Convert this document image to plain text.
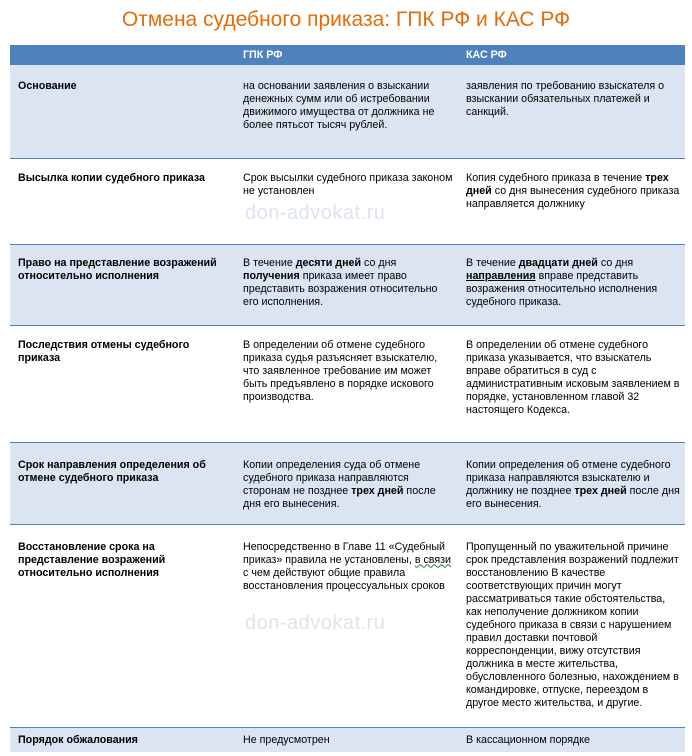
Отмена судебного приказа: ГПК РФ и КАС РФ
	ГПК РФ	КАС РФ
Основание	на основании заявления о взыскании денежных сумм или об истребовании движимого имущества от должника не более пятьсот тысяч рублей.	заявления по требованию взыскателя о взыскании обязательных платежей и санкций.
Высылка копии судебного приказа	Срок высылки судебного приказа законом не установлен	Копия судебного приказа в течение трех дней со дня вынесения судебного приказа направляется должнику
Право на представление возражений относительно исполнения	В течение десяти дней со дня получения приказа имеет право представить возражения относительно его исполнения.	В течение двадцати дней со дня направления вправе представить возражения относительно исполнения судебного приказа.
Последствия отмены судебного приказа	В определении об отмене судебного приказа судья разъясняет взыскателю, что заявленное требование им может быть предъявлено в порядке искового производства.	В определении об отмене судебного приказа указывается, что взыскатель вправе обратиться в суд с административным исковым заявлением в порядке, установленном главой 32 настоящего Кодекса.
Срок направления определения об отмене судебного приказа	Копии определения суда об отмене судебного приказа направляются сторонам не позднее трех дней после дня его вынесения.	Копии определения об отмене судебного приказа направляются взыскателю и должнику не позднее трех дней после дня его вынесения.
Восстановление срока на представление возражений относительно исполнения	Непосредственно в Главе 11 «Судебный приказ» правила не установлены, в связи с чем действуют общие правила восстановления процессуальных сроков	Пропущенный по уважительной причине срок представления возражений подлежит восстановлению В качестве соответствующих причин могут рассматриваться такие обстоятельства, как неполучение должником копии судебного приказа в связи с нарушением правил доставки почтовой корреспонденции, вижу отсутствия должника в месте жительства, обусловленного болезнью, нахождением в командировке, отпуске, переездом в другое место жительства, и другие.
Порядок обжалования	Не предусмотрен	В кассационном порядке
don-advokat.ru
don-advokat.ru
